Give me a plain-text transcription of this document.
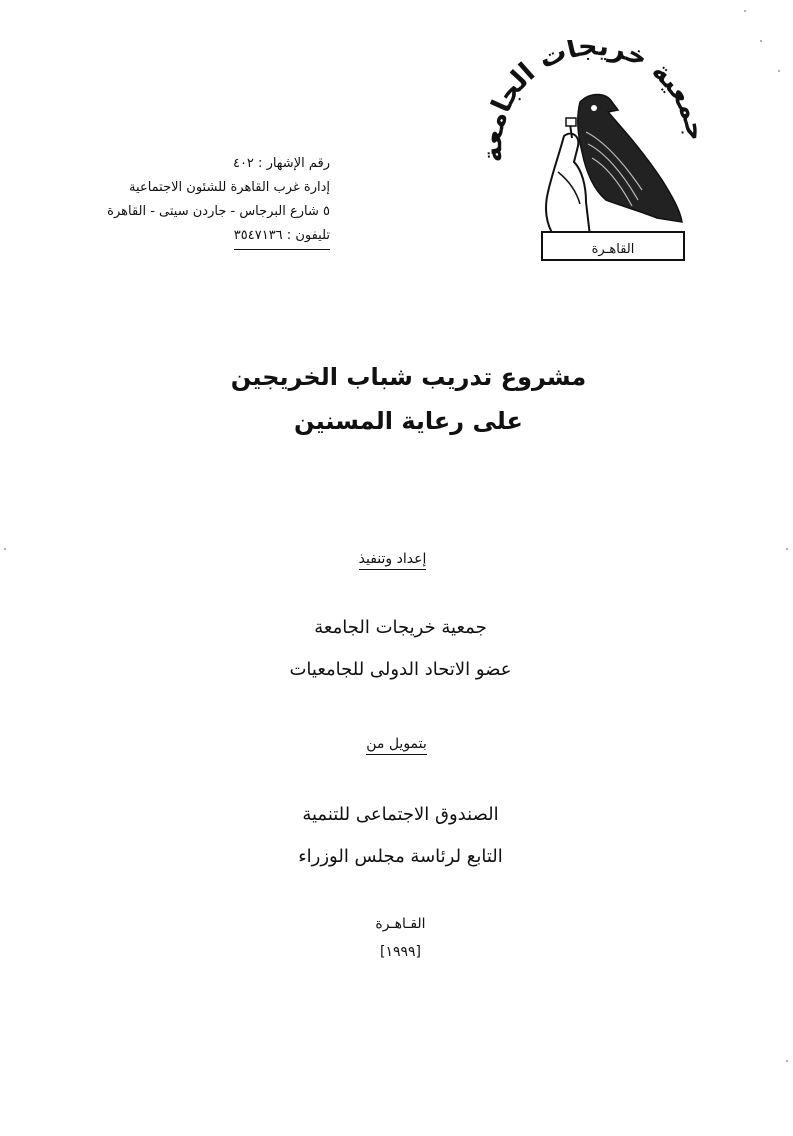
عية خريجات الجام
القاهـرة
رقم الإشهار : ٤٠٢
إدارة غرب القاهرة للشئون الاجتماعية
٥ شارع البرجاس - جاردن سيتى - القاهرة
تليفون : ٣٥٤٧١٣٦
مشروع تدريب شباب الخريجين
على رعاية المسنين
إعداد وتنفيذ
جمعية خريجات الجامعة
عضو الاتحاد الدولى للجامعيات
بتمويل من
الصندوق الاجتماعى للتنمية
التابع لرئاسة مجلس الوزراء
القـاهـرة
[١٩٩٩]
